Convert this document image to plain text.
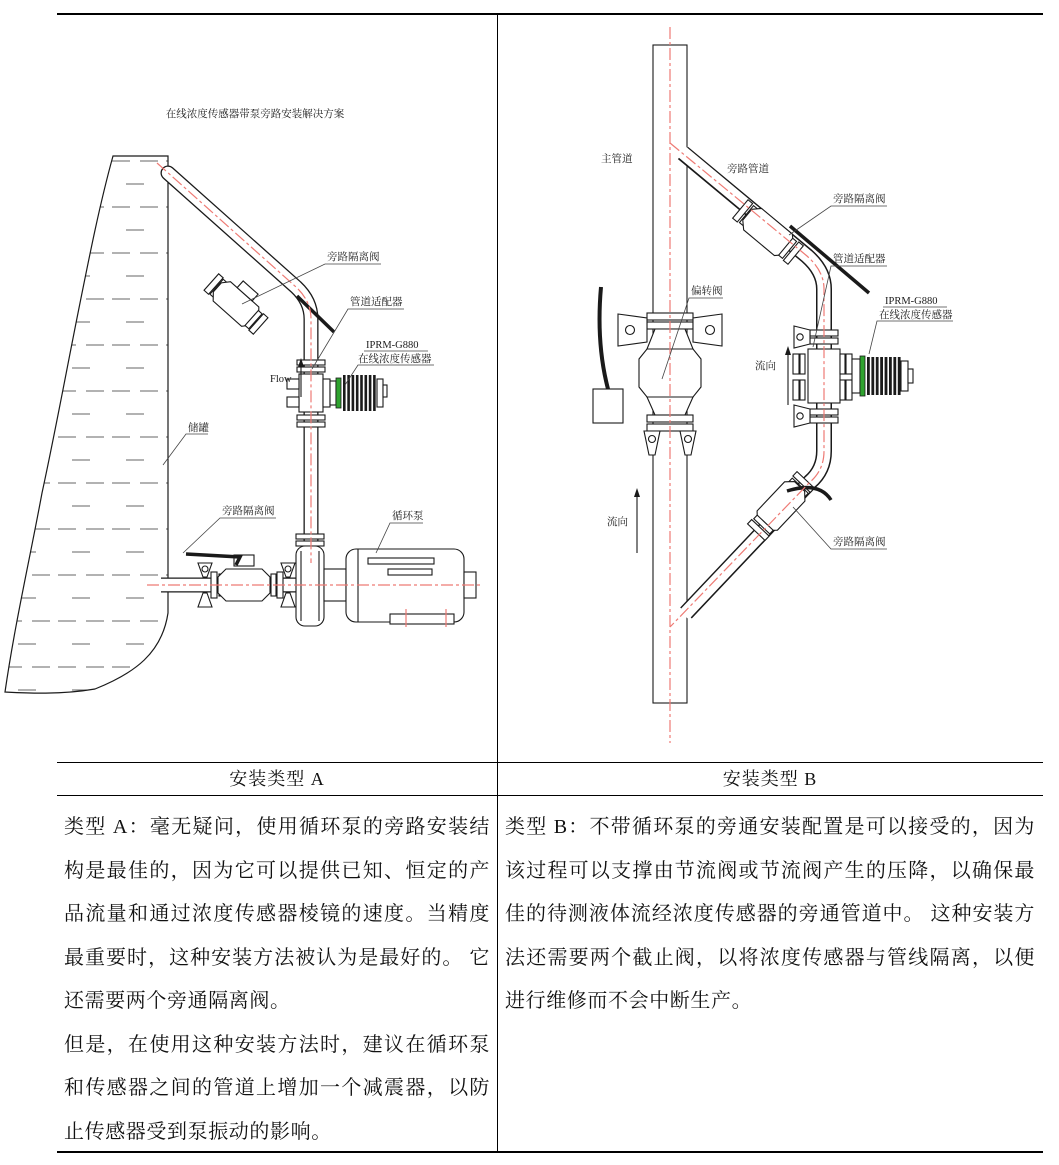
在线浓度传感器带泵旁路安装解决方案
Flow
旁路隔离阀
管道适配器
IPRM-G880
在线浓度传感器
储罐
旁路隔离阀	循环泵
流向
流向
主管道
旁路管道
旁路隔离阀
管道适配器
IPRM-G880
在线浓度传感器
偏转阀
旁路隔离阀
安装类型 A	安装类型 B

类型 A：毫无疑问，使用循环泵的旁路安装结构是最佳的，因为它可以提供已知、恒定的产品流量和通过浓度传感器棱镜的速度。当精度最重要时，这种安装方法被认为是最好的。 它还需要两个旁通隔离阀。

但是，在使用这种安装方法时，建议在循环泵和传感器之间的管道上增加一个减震器，以防止传感器受到泵振动的影响。

类型 B：不带循环泵的旁通安装配置是可以接受的，因为该过程可以支撑由节流阀或节流阀产生的压降，以确保最佳的待测液体流经浓度传感器的旁通管道中。 这种安装方法还需要两个截止阀，以将浓度传感器与管线隔离，以便进行维修而不会中断生产。
